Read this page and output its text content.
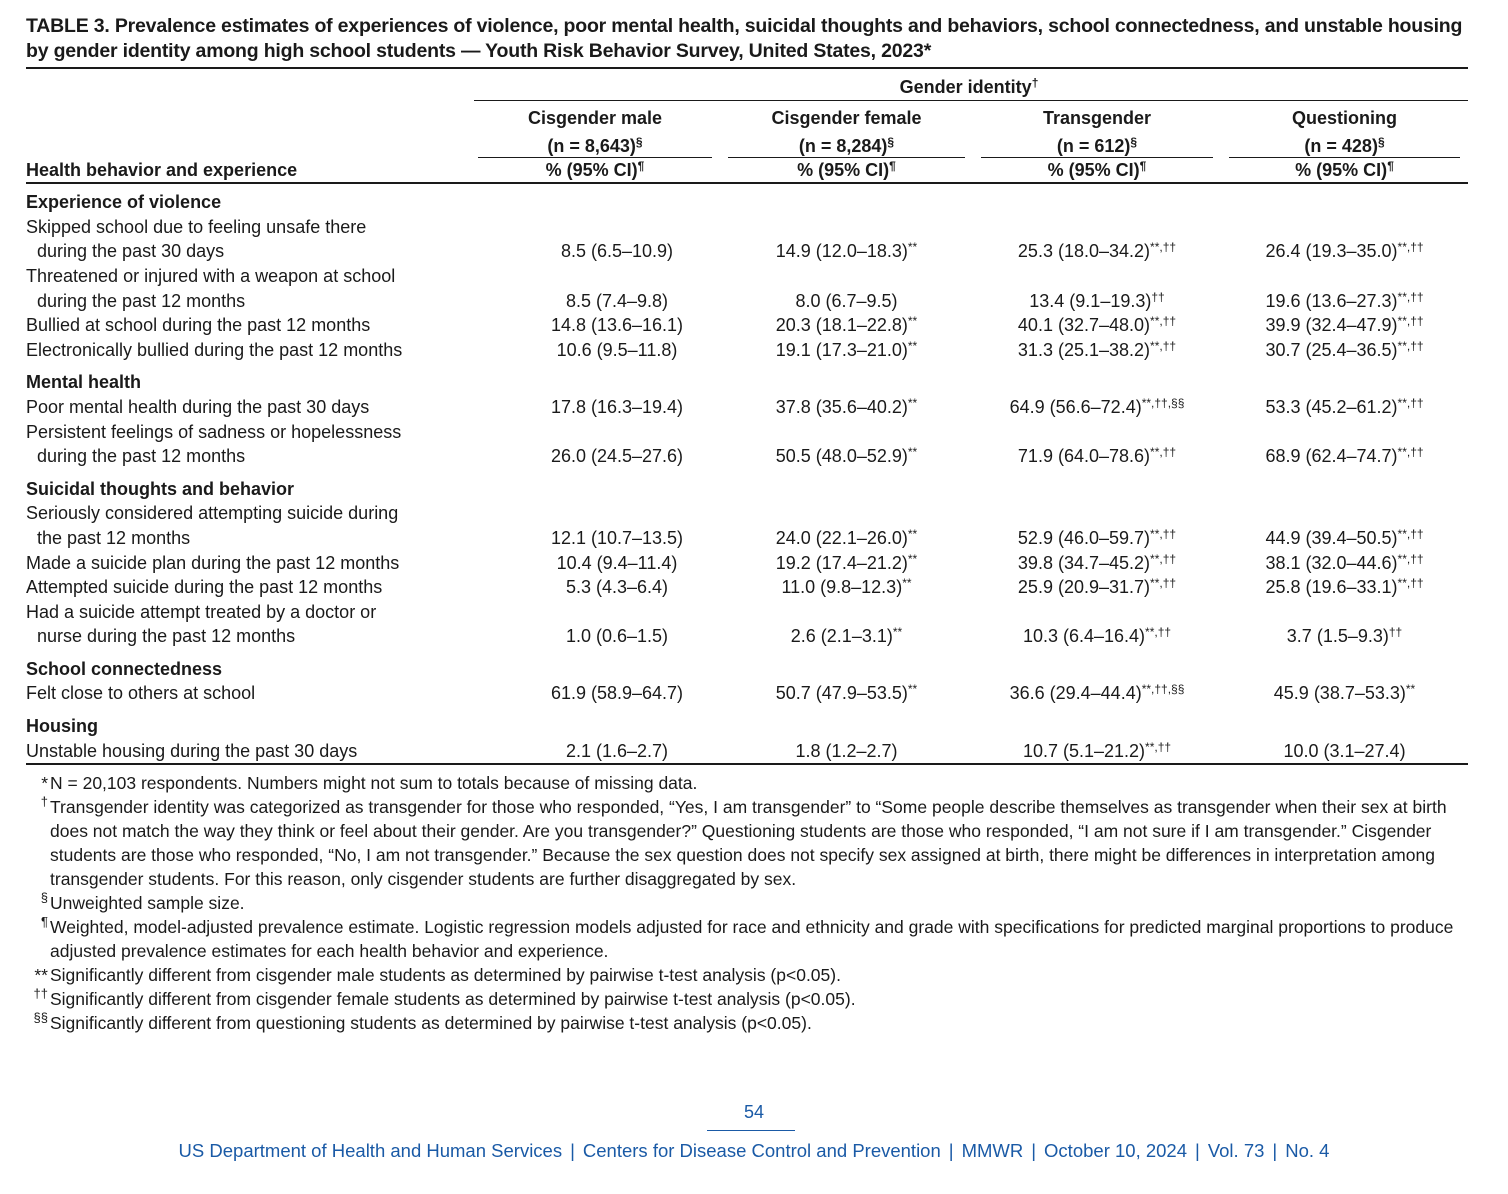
TABLE 3. Prevalence estimates of experiences of violence, poor mental health, suicidal thoughts and behaviors, school connectedness, and unstable housing by gender identity among high school students — Youth Risk Behavior Survey, United States, 2023*
	Gender identity†

	Cisgender male	Cisgender female	Transgender	Questioning
	(n = 8,643)§	(n = 8,284)§	(n = 612)§	(n = 428)§

Health behavior and experience	% (95% CI)¶	% (95% CI)¶	% (95% CI)¶	% (95% CI)¶

Experience of violence				
Skipped school due to feeling unsafe there				
during the past 30 days	8.5 (6.5–10.9)	14.9 (12.0–18.3)**	25.3 (18.0–34.2)**,††	26.4 (19.3–35.0)**,††
Threatened or injured with a weapon at school				
during the past 12 months	8.5 (7.4–9.8)	8.0 (6.7–9.5)	13.4 (9.1–19.3)††	19.6 (13.6–27.3)**,††
Bullied at school during the past 12 months	14.8 (13.6–16.1)	20.3 (18.1–22.8)**	40.1 (32.7–48.0)**,††	39.9 (32.4–47.9)**,††
Electronically bullied during the past 12 months	10.6 (9.5–11.8)	19.1 (17.3–21.0)**	31.3 (25.1–38.2)**,††	30.7 (25.4–36.5)**,††
Mental health				
Poor mental health during the past 30 days	17.8 (16.3–19.4)	37.8 (35.6–40.2)**	64.9 (56.6–72.4)**,††,§§	53.3 (45.2–61.2)**,††
Persistent feelings of sadness or hopelessness				
during the past 12 months	26.0 (24.5–27.6)	50.5 (48.0–52.9)**	71.9 (64.0–78.6)**,††	68.9 (62.4–74.7)**,††
Suicidal thoughts and behavior				
Seriously considered attempting suicide during				
the past 12 months	12.1 (10.7–13.5)	24.0 (22.1–26.0)**	52.9 (46.0–59.7)**,††	44.9 (39.4–50.5)**,††
Made a suicide plan during the past 12 months	10.4 (9.4–11.4)	19.2 (17.4–21.2)**	39.8 (34.7–45.2)**,††	38.1 (32.0–44.6)**,††
Attempted suicide during the past 12 months	5.3 (4.3–6.4)	11.0 (9.8–12.3)**	25.9 (20.9–31.7)**,††	25.8 (19.6–33.1)**,††
Had a suicide attempt treated by a doctor or				
nurse during the past 12 months	1.0 (0.6–1.5)	2.6 (2.1–3.1)**	10.3 (6.4–16.4)**,††	3.7 (1.5–9.3)††
School connectedness				
Felt close to others at school	61.9 (58.9–64.7)	50.7 (47.9–53.5)**	36.6 (29.4–44.4)**,††,§§	45.9 (38.7–53.3)**
Housing				
Unstable housing during the past 30 days	2.1 (1.6–2.7)	1.8 (1.2–2.7)	10.7 (5.1–21.2)**,††	10.0 (3.1–27.4)

* N = 20,103 respondents. Numbers might not sum to totals because of missing data.
† Transgender identity was categorized as transgender for those who responded, “Yes, I am transgender” to “Some people describe themselves as transgender when their sex at birth does not match the way they think or feel about their gender. Are you transgender?” Questioning students are those who responded, “I am not sure if I am transgender.” Cisgender students are those who responded, “No, I am not transgender.” Because the sex question does not specify sex assigned at birth, there might be differences in interpretation among transgender students. For this reason, only cisgender students are further disaggregated by sex.
§ Unweighted sample size.
¶ Weighted, model-adjusted prevalence estimate. Logistic regression models adjusted for race and ethnicity and grade with specifications for predicted marginal proportions to produce adjusted prevalence estimates for each health behavior and experience.
** Significantly different from cisgender male students as determined by pairwise t-test analysis (p<0.05).
†† Significantly different from cisgender female students as determined by pairwise t-test analysis (p<0.05).
§§ Significantly different from questioning students as determined by pairwise t-test analysis (p<0.05).
54
US Department of Health and Human Services | Centers for Disease Control and Prevention | MMWR | October 10, 2024 | Vol. 73 | No. 4
